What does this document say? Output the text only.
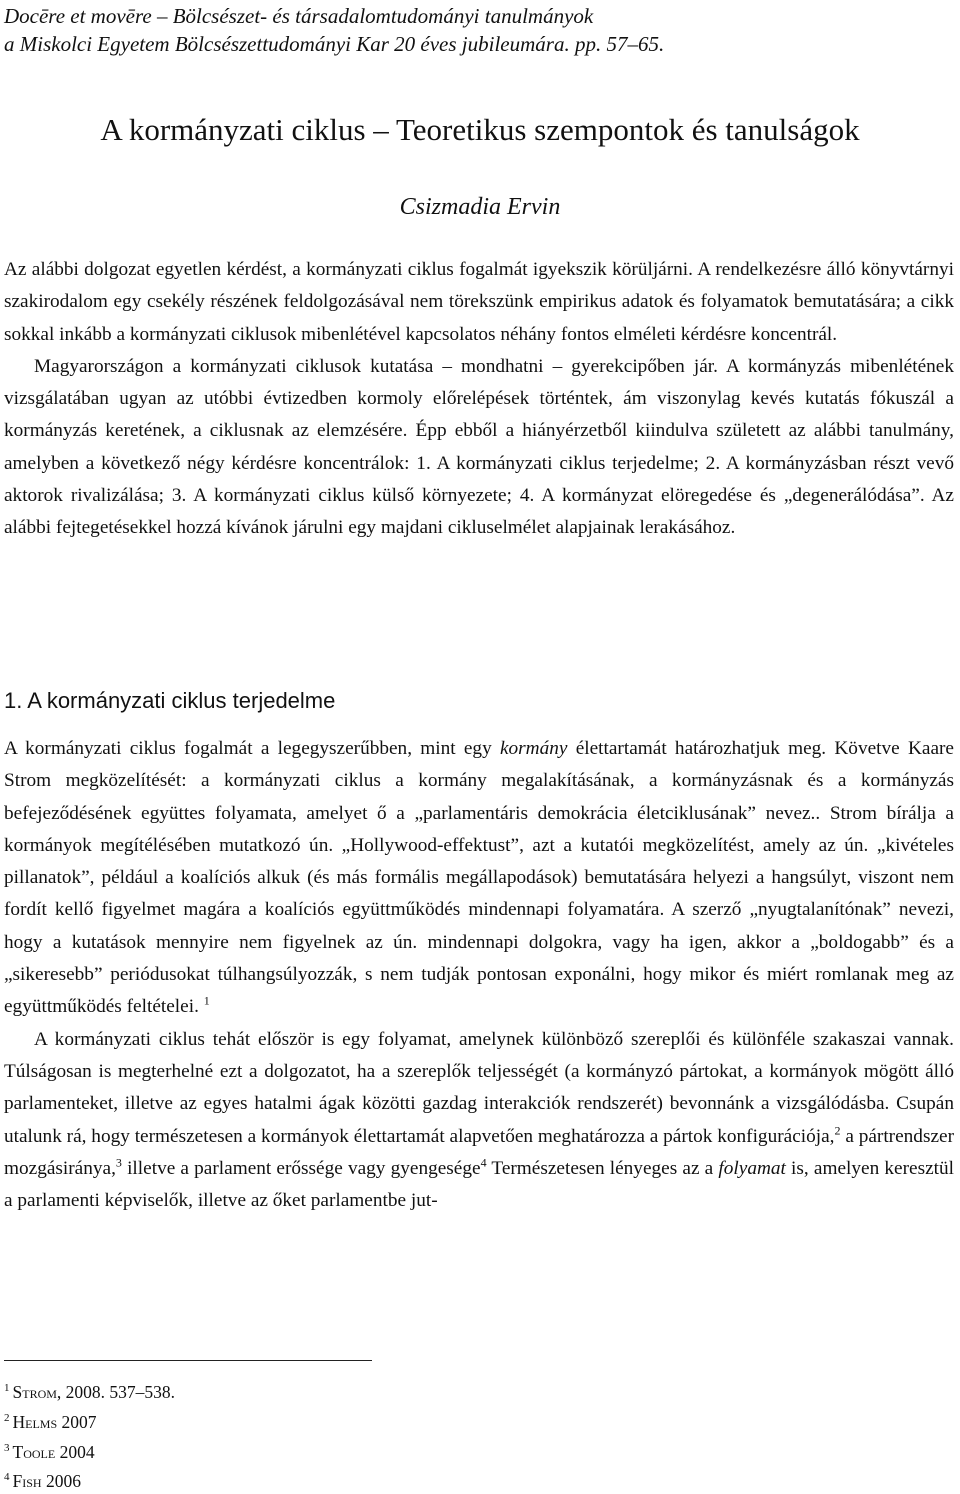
Docēre et movēre – Bölcsészet- és társadalomtudományi tanulmányok
a Miskolci Egyetem Bölcsészettudományi Kar 20 éves jubileumára. pp. 57–65.
A kormányzati ciklus – Teoretikus szempontok és tanulságok
Csizmadia Ervin

Az alábbi dolgozat egyetlen kérdést, a kormányzati ciklus fogalmát igyekszik körüljárni. A rendelkezésre álló könyvtárnyi szakirodalom egy csekély részének feldolgozásával nem törekszünk empirikus adatok és folyamatok bemutatására; a cikk sokkal inkább a kormányzati ciklusok mibenlétével kapcsolatos néhány fontos elméleti kérdésre koncentrál.

Magyarországon a kormányzati ciklusok kutatása – mondhatni – gyerekcipőben jár. A kormányzás mibenlétének vizsgálatában ugyan az utóbbi évtizedben kormoly előrelépések történtek, ám viszonylag kevés kutatás fókuszál a kormányzás keretének, a ciklusnak az elemzésére. Épp ebből a hiányérzetből kiindulva született az alábbi tanulmány, amelyben a következő négy kérdésre koncentrálok: 1. A kormányzati ciklus terjedelme; 2. A kormányzásban részt vevő aktorok rivalizálása; 3. A kormányzati ciklus külső környezete; 4. A kormányzat elöregedése és „degenerálódása”. Az alábbi fejtegetésekkel hozzá kívánok járulni egy majdani cikluselmélet alapjainak lerakásához.

1. A kormányzati ciklus terjedelme

A kormányzati ciklus fogalmát a legegyszerűbben, mint egy kormány élettartamát határozhatjuk meg. Követve Kaare Strom megközelítését: a kormányzati ciklus a kormány megalakításának, a kormányzásnak és a kormányzás befejeződésének együttes folyamata, amelyet ő a „parlamentáris demokrácia életciklusának” nevez.. Strom bírálja a kormányok megítélésében mutatkozó ún. „Hollywood-effektust”, azt a kutatói megközelítést, amely az ún. „kivételes pillanatok”, például a koalíciós alkuk (és más formális megállapodások) bemutatására helyezi a hangsúlyt, viszont nem fordít kellő figyelmet magára a koalíciós együttműködés mindennapi folyamatára. A szerző „nyugtalanítónak” nevezi, hogy a kutatások mennyire nem figyelnek az ún. mindennapi dolgokra, vagy ha igen, akkor a „boldogabb” és a „sikeresebb” periódusokat túlhangsúlyozzák, s nem tudják pontosan exponálni, hogy mikor és miért romlanak meg az együttműködés feltételei. $^1$

A kormányzati ciklus tehát először is egy folyamat, amelynek különböző szereplői és különféle szakaszai vannak. Túlságosan is megterhelné ezt a dolgozatot, ha a szereplők teljességét (a kormányzó pártokat, a kormányok mögött álló parlamenteket, illetve az egyes hatalmi ágak közötti gazdag interakciók rendszerét) bevonnánk a vizsgálódásba. Csupán utalunk rá, hogy természetesen a kormányok élettartamát alapvetően meghatározza a pártok konfigurációja,$^2$ a pártrendszer mozgásiránya,$^3$ illetve a parlament erőssége vagy gyengesége$^4$ Természetesen lényeges az a folyamat is, amelyen keresztül a parlamenti képviselők, illetve az őket parlamentbe jut-

$^1$ Strom, 2008. 537–538.
$^2$ Helms 2007
$^3$ Toole 2004
$^4$ Fish 2006
